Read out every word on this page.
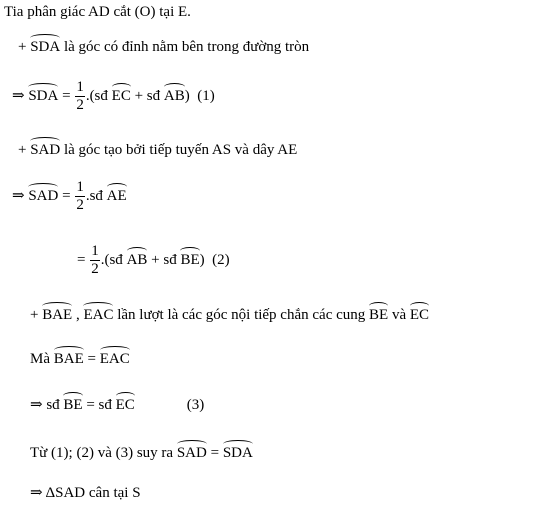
Tia phân giác AD cắt (O) tại E.
+ SDA là góc có đỉnh nằm bên trong đường tròn
⇒ SDA = $\frac{1}{2}$ .(sđ EC + sđ AB) (1)
+ SAD là góc tạo bởi tiếp tuyến AS và dây AE
⇒ SAD = $\frac{1}{2}$ .sđ AE
= $\frac{1}{2}$ .(sđ AB + sđ BE) (2)
+ BAE , EAC lần lượt là các góc nội tiếp chắn các cung BE và EC
Mà BAE = EAC
⇒ sđ BE = sđ EC	(3)
Từ (1); (2) và (3) suy ra SAD = SDA
⇒ ΔSAD cân tại S
